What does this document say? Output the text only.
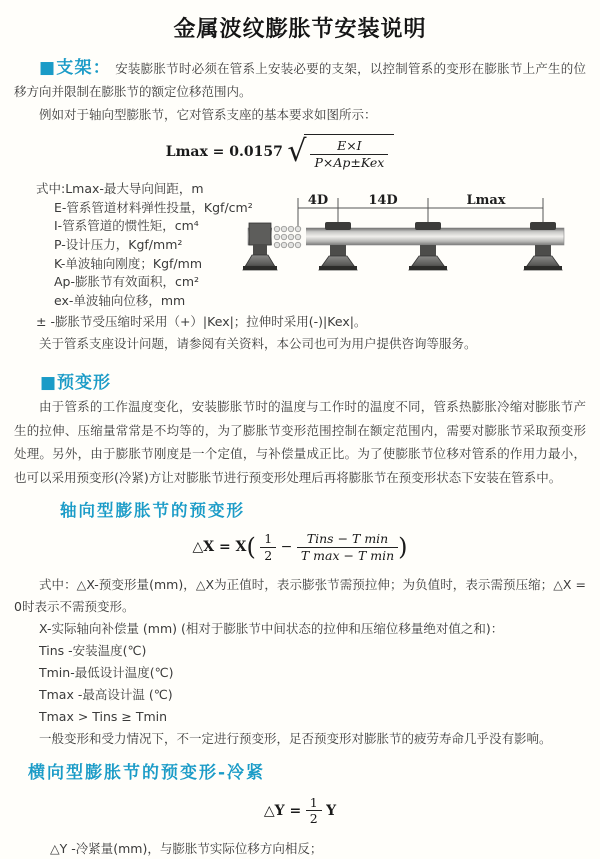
金属波纹膨胀节安装说明

■支架： 安装膨胀节时必须在管系上安装必要的支架，以控制管系的变形在膨胀节上产生的位移方向并限制在膨胀节的额定位移范围内。

例如对于轴向型膨胀节，它对管系支座的基本要求如图所示：

Lmax = 0.0157 √ $\frac{E\times I}{\text{P×Ap±Kex}}$
式中:Lmax-最大导向间距，m
E-管系管道材料弹性投量，Kgf/cm²
I-管系管道的惯性矩，cm⁴
P-设计压力，Kgf/mm²
K-单波轴向刚度；Kgf/mm
Ap-膨胀节有效面积，cm²
ex-单波轴向位移，mm
± -膨胀节受压缩时采用（+）|Kex|；拉伸时采用(-)|Kex|。
关于管系支座设计问题，请参阅有关资料，本公司也可为用户提供咨询等服务。
4D	14D	Lmax
■预变形

由于管系的工作温度变化，安装膨胀节时的温度与工作时的温度不同，管系热膨胀冷缩对膨胀节产生的拉伸、压缩量常常是不均等的，为了膨胀节变形范围控制在额定范围内，需要对膨胀节采取预变形处理。另外，由于膨胀节刚度是一个定值，与补偿量成正比。为了使膨胀节位移对管系的作用力最小，也可以采用预变形(冷紧)方让对膨胀节进行预变形处理后再将膨胀节在预变形状态下安装在管系中。

轴向型膨胀节的预变形
△X = $X( \frac{1}{2} - \frac{\text{Tins − T min}}{\text{T max − T min}}$ )
式中：△X-预变形量(mm)，△X为正值时，表示膨张节需预拉伸；为负值时，表示需预压缩；△X = 0时表示不需预变形。
X-实际轴向补偿量 (mm) (相对于膨胀节中间状态的拉伸和压缩位移量绝对值之和)：
Tins -安装温度(℃)
Tmin-最低设计温度(℃)
Tmax -最高设计温 (℃)
Tmax > Tins ≥ Tmin
一般变形和受力情况下，不一定进行预变形，足否预变形对膨胀节的疲劳寿命几乎没有影响。
横向型膨胀节的预变形-冷紧
△Y = $\frac{1}{2}$ Y
△Y -冷紧量(mm)，与膨胀节实际位移方向相反；
